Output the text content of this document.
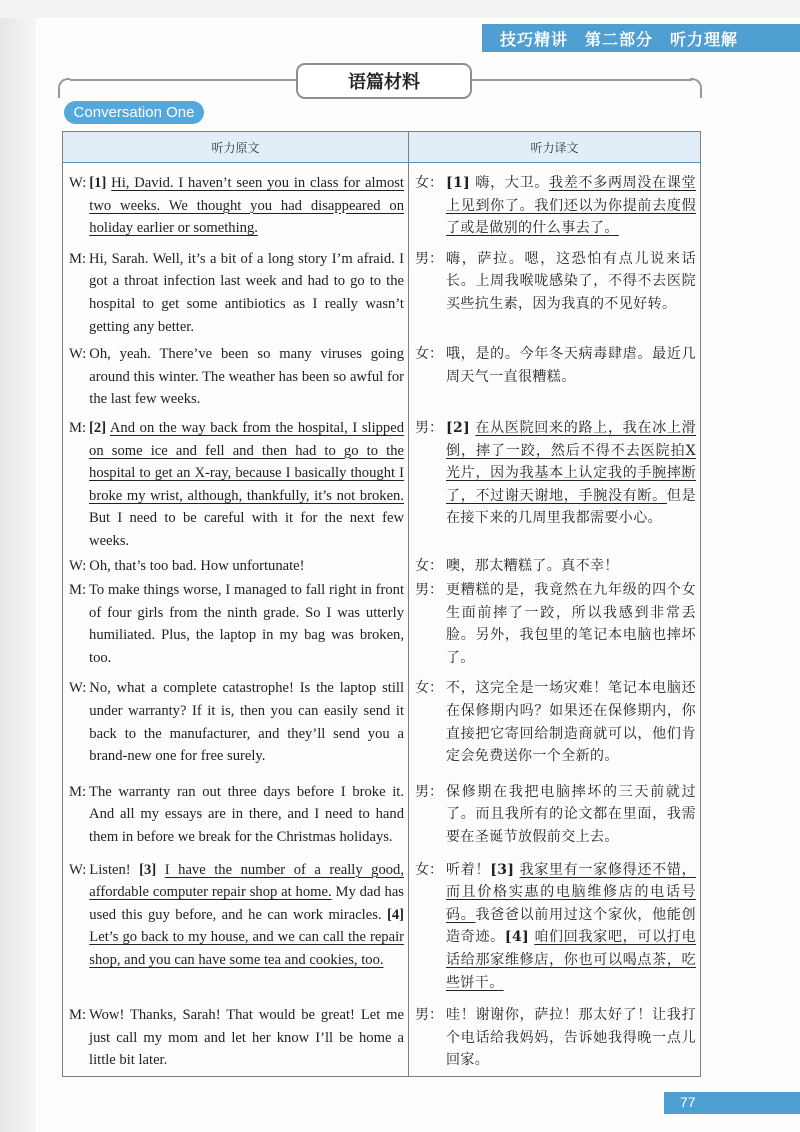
技巧精讲　第二部分　听力理解
语篇材料
Conversation One
听力原文	听力译文

W: [1] Hi, David. I haven’t seen you in class for almost two weeks. We thought you had disappeared on holiday earlier or something.	女： [1] 嗨，大卫。我差不多两周没在课堂上见到你了。我们还以为你提前去度假了或是做别的什么事去了。

M: Hi, Sarah. Well, it’s a bit of a long story I’m afraid. I got a throat infection last week and had to go to the hospital to get some antibiotics as I really wasn’t getting any better.	男： 嗨，萨拉。嗯，这恐怕有点儿说来话长。上周我喉咙感染了，不得不去医院买些抗生素，因为我真的不见好转。

W: Oh, yeah. There’ve been so many viruses going around this winter. The weather has been so awful for the last few weeks.	女： 哦，是的。今年冬天病毒肆虐。最近几周天气一直很糟糕。

M: [2] And on the way back from the hospital, I slipped on some ice and fell and then had to go to the hospital to get an X-ray, because I basically thought I broke my wrist, although, thankfully, it’s not broken. But I need to be careful with it for the next few weeks.	男： [2] 在从医院回来的路上，我在冰上滑倒，摔了一跤，然后不得不去医院拍X光片，因为我基本上认定我的手腕摔断了，不过谢天谢地，手腕没有断。但是在接下来的几周里我都需要小心。

W: Oh, that’s too bad. How unfortunate!	女： 噢，那太糟糕了。真不幸！

M: To make things worse, I managed to fall right in front of four girls from the ninth grade. So I was utterly humiliated. Plus, the laptop in my bag was broken, too.	男： 更糟糕的是，我竟然在九年级的四个女生面前摔了一跤，所以我感到非常丢脸。另外，我包里的笔记本电脑也摔坏了。

W: No, what a complete catastrophe! Is the laptop still under warranty? If it is, then you can easily send it back to the manufacturer, and they’ll send you a brand-new one for free surely.	女： 不，这完全是一场灾难！笔记本电脑还在保修期内吗？如果还在保修期内，你直接把它寄回给制造商就可以，他们肯定会免费送你一个全新的。

M: The warranty ran out three days before I broke it. And all my essays are in there, and I need to hand them in before we break for the Christmas holidays.	男： 保修期在我把电脑摔坏的三天前就过了。而且我所有的论文都在里面，我需要在圣诞节放假前交上去。

W: Listen! [3] I have the number of a really good, affordable computer repair shop at home. My dad has used this guy before, and he can work miracles. [4] Let’s go back to my house, and we can call the repair shop, and you can have some tea and cookies, too.	女： 听着！[3] 我家里有一家修得还不错，而且价格实惠的电脑维修店的电话号码。我爸爸以前用过这个家伙，他能创造奇迹。[4] 咱们回我家吧，可以打电话给那家维修店，你也可以喝点茶，吃些饼干。

M: Wow! Thanks, Sarah! That would be great! Let me just call my mom and let her know I’ll be home a little bit later.	男： 哇！谢谢你，萨拉！那太好了！让我打个电话给我妈妈，告诉她我得晚一点儿回家。
77
